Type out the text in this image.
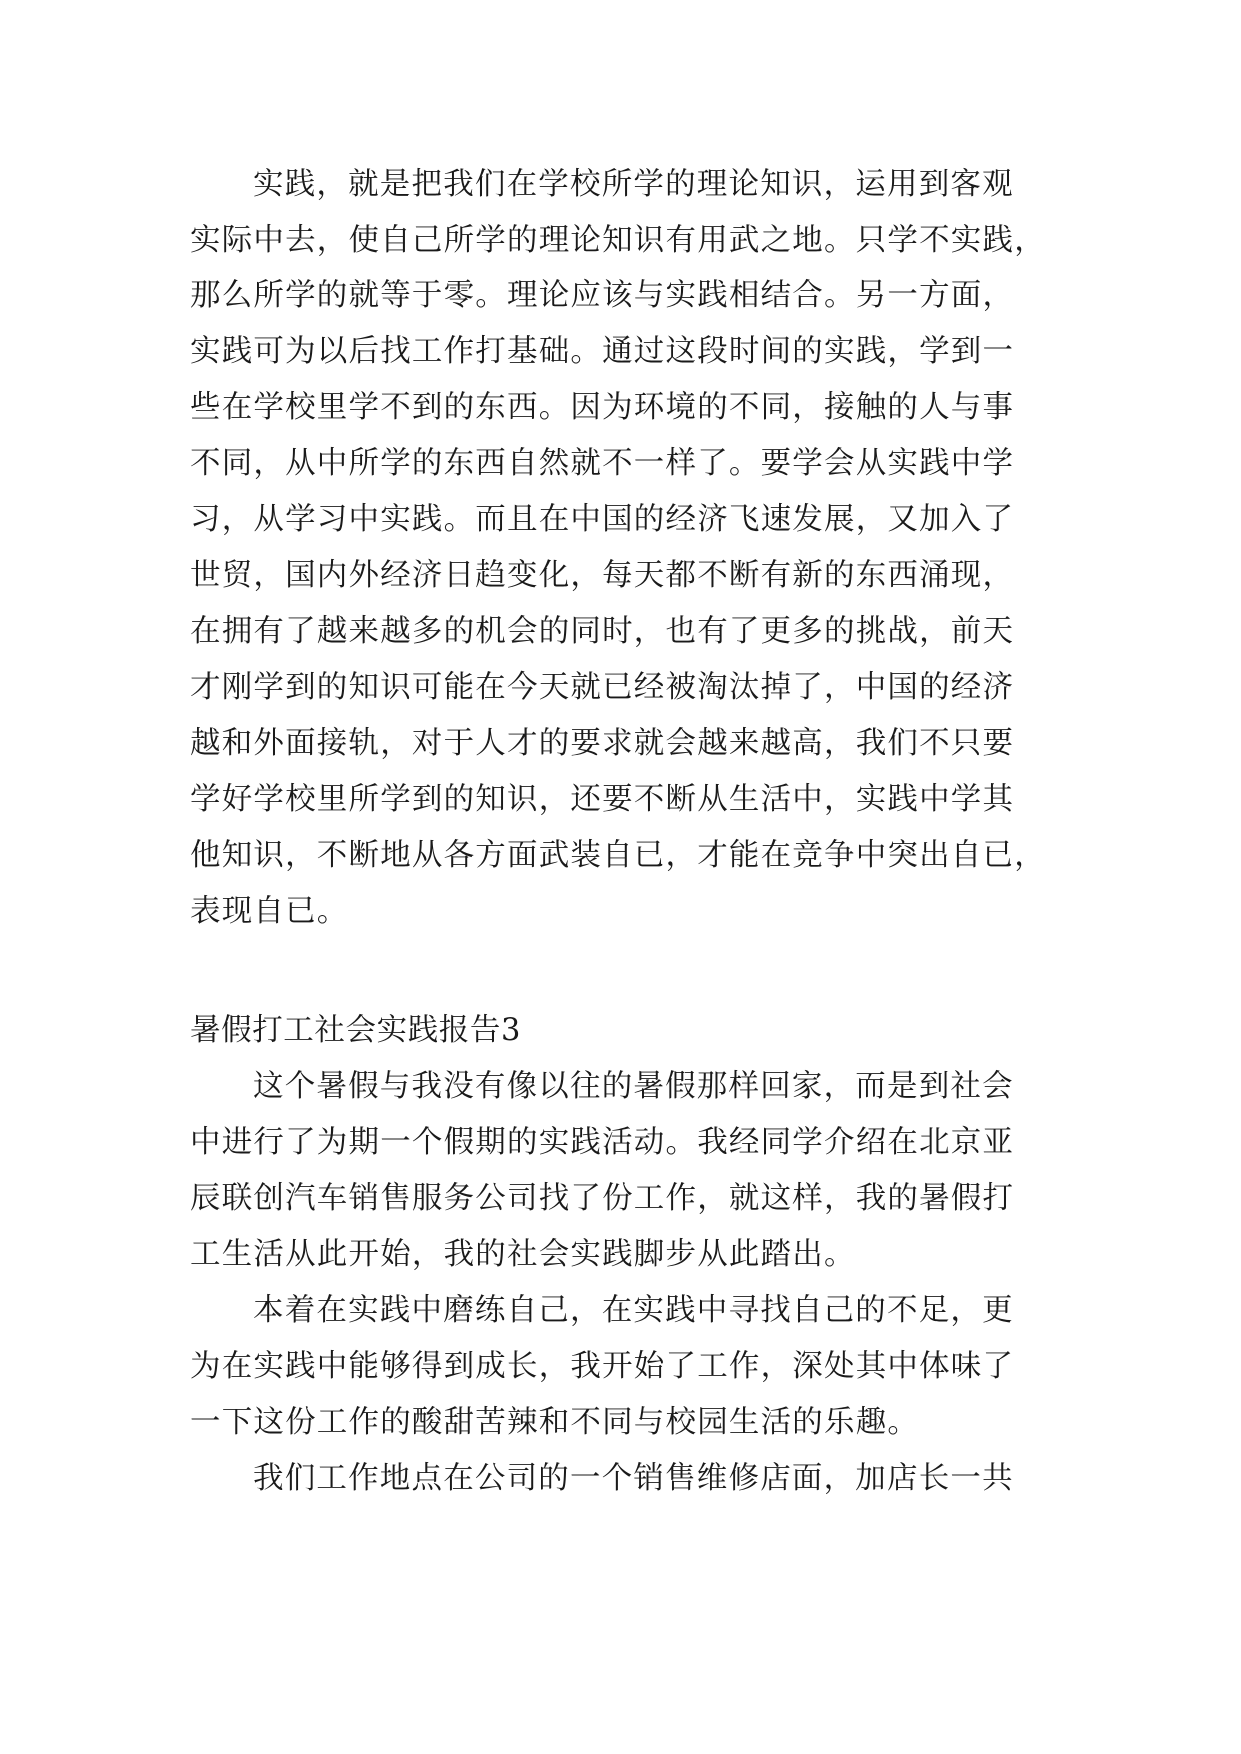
实践，就是把我们在学校所学的理论知识，运用到客观
实际中去，使自己所学的理论知识有用武之地。只学不实践，
那么所学的就等于零。理论应该与实践相结合。另一方面，
实践可为以后找工作打基础。通过这段时间的实践，学到一
些在学校里学不到的东西。因为环境的不同，接触的人与事
不同，从中所学的东西自然就不一样了。要学会从实践中学
习，从学习中实践。而且在中国的经济飞速发展，又加入了
世贸，国内外经济日趋变化，每天都不断有新的东西涌现，
在拥有了越来越多的机会的同时，也有了更多的挑战，前天
才刚学到的知识可能在今天就已经被淘汰掉了，中国的经济
越和外面接轨，对于人才的要求就会越来越高，我们不只要
学好学校里所学到的知识，还要不断从生活中，实践中学其
他知识，不断地从各方面武装自已，才能在竞争中突出自已，
表现自已。
暑假打工社会实践报告3
这个暑假与我没有像以往的暑假那样回家，而是到社会
中进行了为期一个假期的实践活动。我经同学介绍在北京亚
辰联创汽车销售服务公司找了份工作，就这样，我的暑假打
工生活从此开始，我的社会实践脚步从此踏出。
本着在实践中磨练自己，在实践中寻找自己的不足，更
为在实践中能够得到成长，我开始了工作，深处其中体味了
一下这份工作的酸甜苦辣和不同与校园生活的乐趣。
我们工作地点在公司的一个销售维修店面，加店长一共
